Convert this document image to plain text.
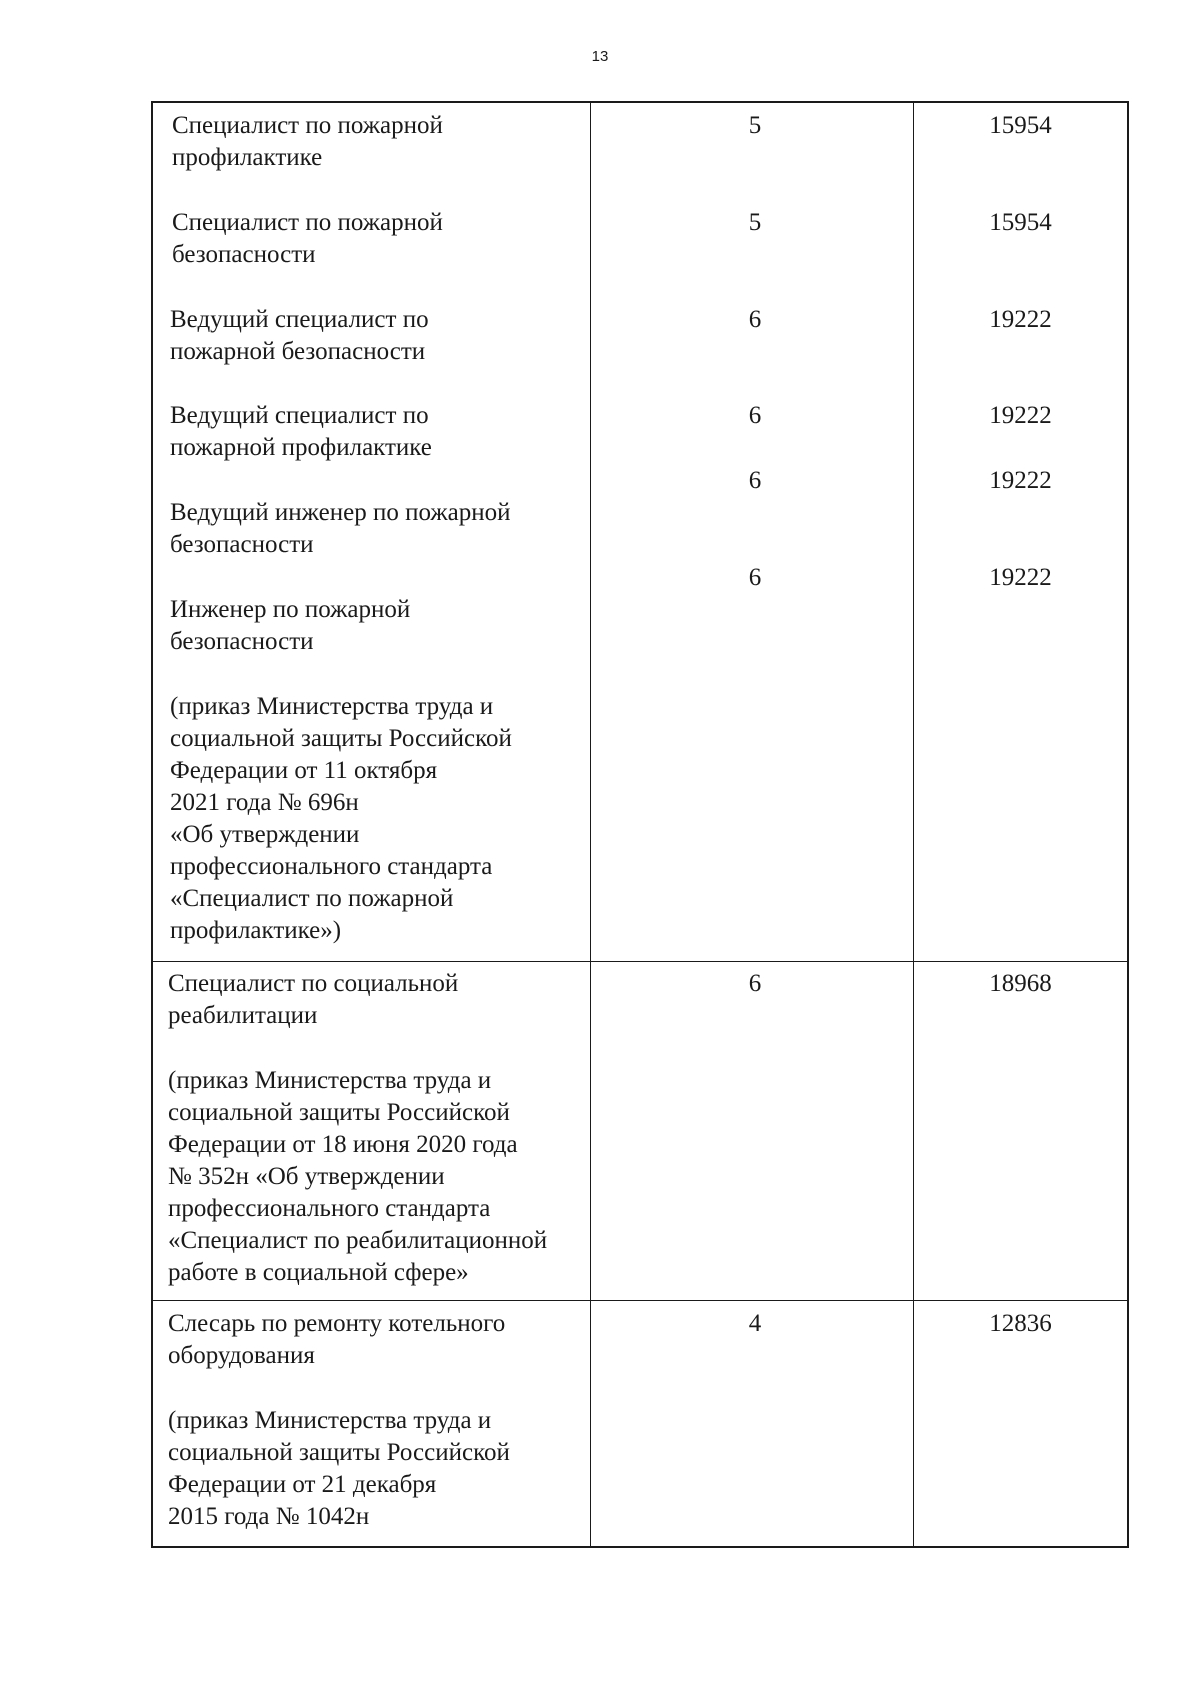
13
Специалист по пожарной
профилактике
5	15954
Специалист по пожарной
безопасности
5	15954
Ведущий специалист по
пожарной безопасности
6	19222
Ведущий специалист по
пожарной профилактике
6	19222
Ведущий инженер по пожарной
безопасности
6	19222
Инженер по пожарной
безопасности
6	19222
(приказ Министерства труда и
социальной защиты Российской
Федерации от 11 октября
2021 года № 696н
«Об утверждении
профессионального стандарта
«Специалист по пожарной
профилактике»)
Специалист по социальной
реабилитации
6	18968
(приказ Министерства труда и
социальной защиты Российской
Федерации от 18 июня 2020 года
№ 352н «Об утверждении
профессионального стандарта
«Специалист по реабилитационной
работе в социальной сфере»
Слесарь по ремонту котельного
оборудования
4	12836
(приказ Министерства труда и
социальной защиты Российской
Федерации от 21 декабря
2015 года № 1042н
